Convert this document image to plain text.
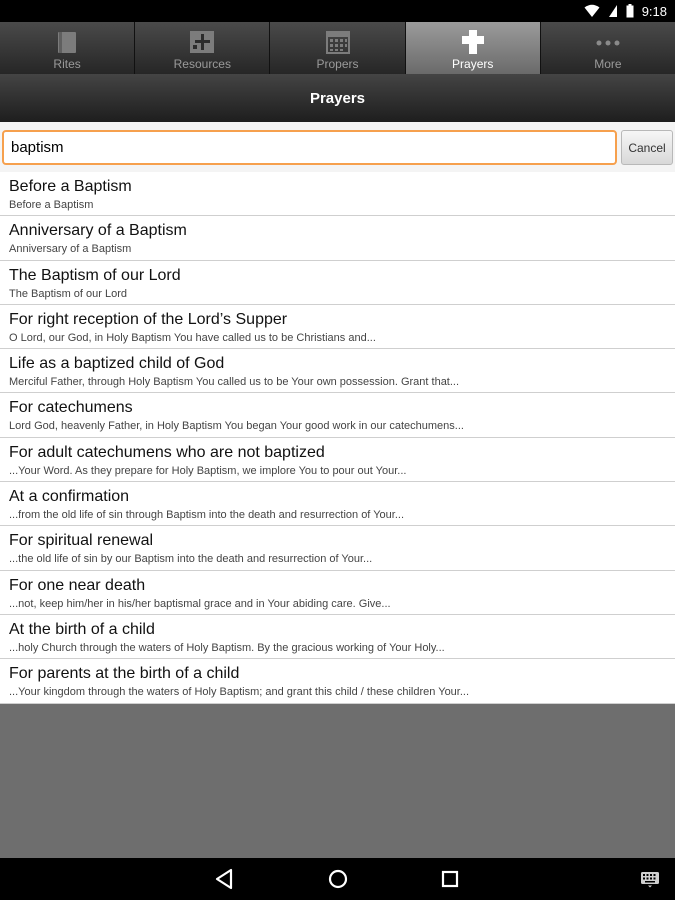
9:18
Rites	Resources	Propers	Prayers	More
Prayers
baptism
Cancel
Before a Baptism
Before a Baptism
Anniversary of a Baptism
Anniversary of a Baptism
The Baptism of our Lord
The Baptism of our Lord
For right reception of the Lord’s Supper
O Lord, our God, in Holy Baptism You have called us to be Christians and...
Life as a baptized child of God
Merciful Father, through Holy Baptism You called us to be Your own possession. Grant that...
For catechumens
Lord God, heavenly Father, in Holy Baptism You began Your good work in our catechumens...
For adult catechumens who are not baptized
...Your Word. As they prepare for Holy Baptism, we implore You to pour out Your...
At a confirmation
...from the old life of sin through Baptism into the death and resurrection of Your...
For spiritual renewal
...the old life of sin by our Baptism into the death and resurrection of Your...
For one near death
...not, keep him/her in his/her baptismal grace and in Your abiding care. Give...
At the birth of a child
...holy Church through the waters of Holy Baptism. By the gracious working of Your Holy...
For parents at the birth of a child
...Your kingdom through the waters of Holy Baptism; and grant this child / these children Your...
